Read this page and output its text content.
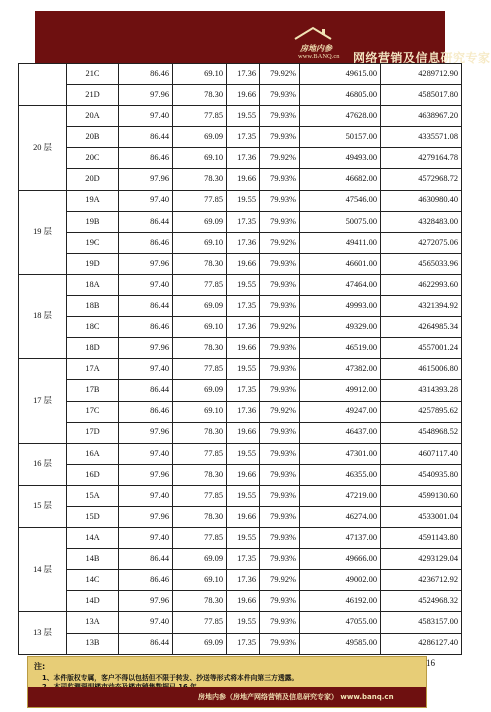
房地内参
www.BANQ.cn 网络营销及信息研究专家
	21C	86.46	69.10	17.36	79.92%	49615.00	4289712.90
	21D	97.96	78.30	19.66	79.93%	46805.00	4585017.80
20 层	20A	97.40	77.85	19.55	79.93%	47628.00	4638967.20
	20B	86.44	69.09	17.35	79.93%	50157.00	4335571.08
	20C	86.46	69.10	17.36	79.92%	49493.00	4279164.78
	20D	97.96	78.30	19.66	79.93%	46682.00	4572968.72
19 层	19A	97.40	77.85	19.55	79.93%	47546.00	4630980.40
	19B	86.44	69.09	17.35	79.93%	50075.00	4328483.00
	19C	86.46	69.10	17.36	79.92%	49411.00	4272075.06
	19D	97.96	78.30	19.66	79.93%	46601.00	4565033.96
18 层	18A	97.40	77.85	19.55	79.93%	47464.00	4622993.60
	18B	86.44	69.09	17.35	79.93%	49993.00	4321394.92
	18C	86.46	69.10	17.36	79.92%	49329.00	4264985.34
	18D	97.96	78.30	19.66	79.93%	46519.00	4557001.24
17 层	17A	97.40	77.85	19.55	79.93%	47382.00	4615006.80
	17B	86.44	69.09	17.35	79.93%	49912.00	4314393.28
	17C	86.46	69.10	17.36	79.92%	49247.00	4257895.62
	17D	97.96	78.30	19.66	79.93%	46437.00	4548968.52
16 层	16A	97.40	77.85	19.55	79.93%	47301.00	4607117.40
	16D	97.96	78.30	19.66	79.93%	46355.00	4540935.80
15 层	15A	97.40	77.85	19.55	79.93%	47219.00	4599130.60
	15D	97.96	78.30	19.66	79.93%	46274.00	4533001.04
14 层	14A	97.40	77.85	19.55	79.93%	47137.00	4591143.80
	14B	86.44	69.09	17.35	79.93%	49666.00	4293129.04
	14C	86.46	69.10	17.36	79.92%	49002.00	4236712.92
	14D	97.96	78.30	19.66	79.93%	46192.00	4524968.32
13 层	13A	97.40	77.85	19.55	79.93%	47055.00	4583157.00
	13B	86.44	69.09	17.35	79.93%	49585.00	4286127.40
注:
1、本件版权专属，客户不得以包括但不限于转发、抄送等形式将本件向第三方透露。
房地内参（房地产网络营销及信息研究专家） www.banq.cn
16
